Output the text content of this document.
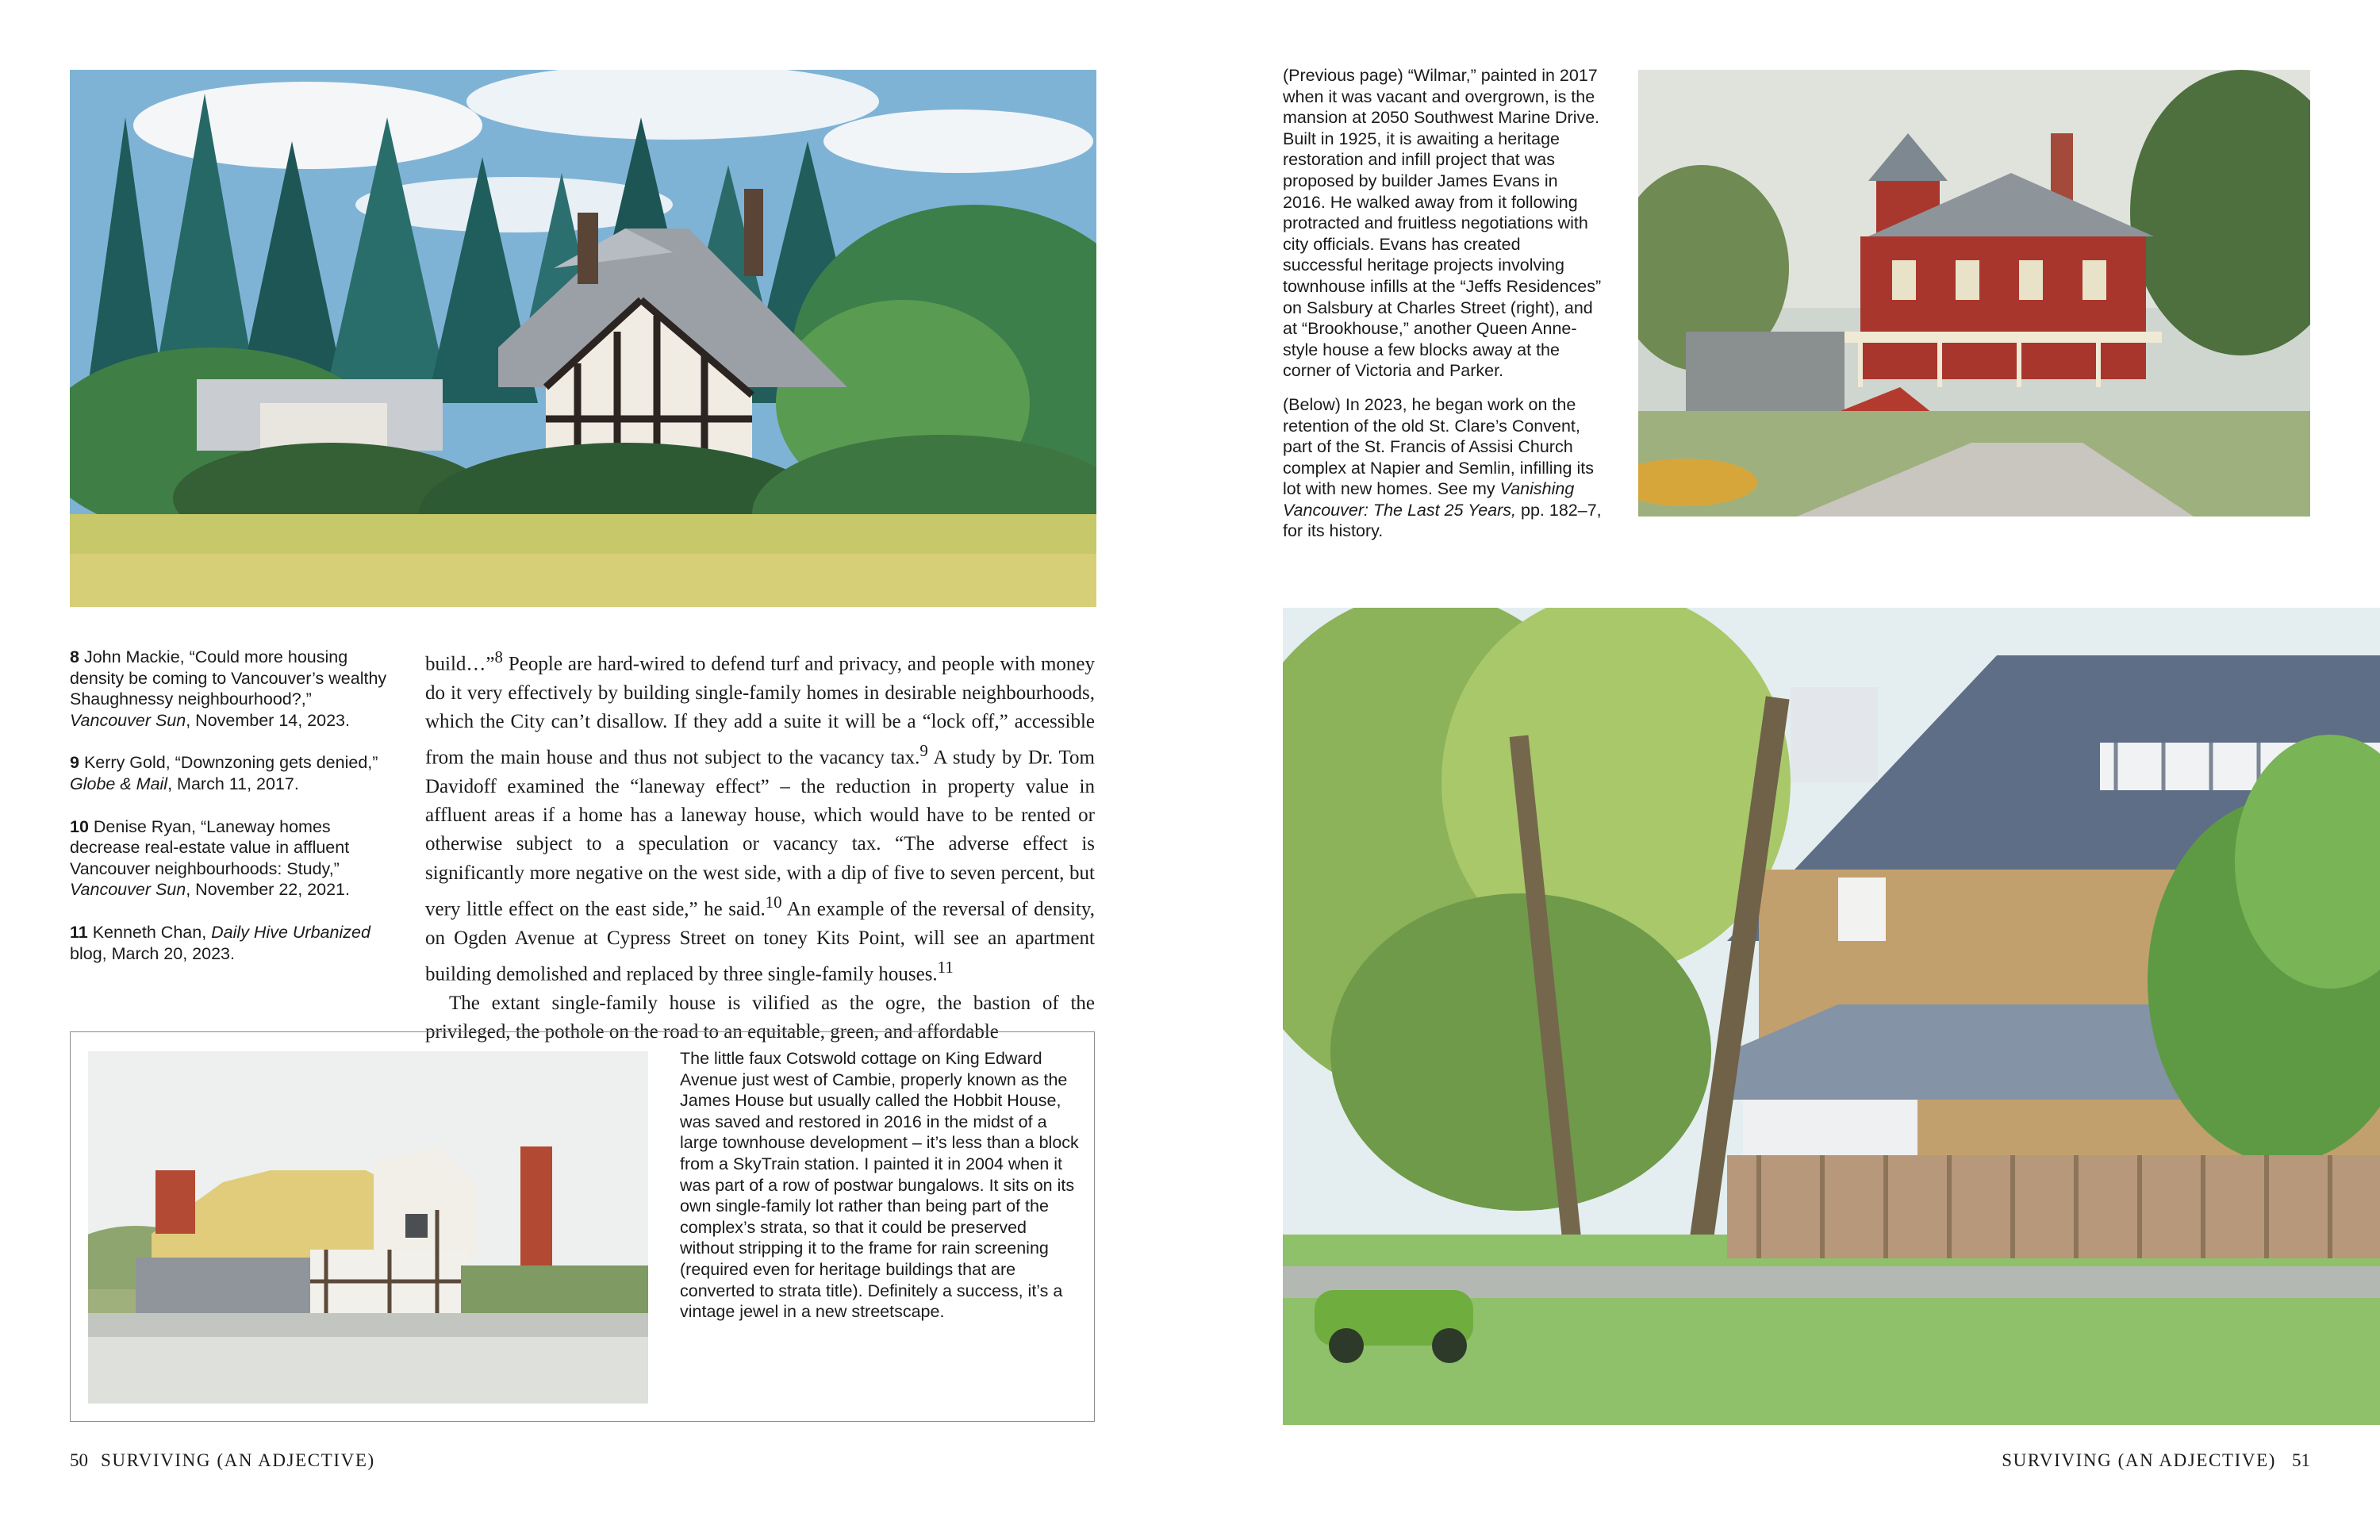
8 John Mackie, “Could more housing density be coming to Vancouver’s wealthy Shaughnessy neighbourhood?,” Vancouver Sun, November 14, 2023.

9 Kerry Gold, “Downzoning gets denied,” Globe & Mail, March 11, 2017.

10 Denise Ryan, “Laneway homes decrease real-estate value in affluent Vancouver neighbourhoods: Study,” Vancouver Sun, November 22, 2021.

11 Kenneth Chan, Daily Hive Urbanized blog, March 20, 2023.

build…”$^8$ People are hard-wired to defend turf and privacy, and people with money do it very effectively by building single-family homes in desirable neighbourhoods, which the City can’t disallow. If they add a suite it will be a “lock off,” accessible from the main house and thus not subject to the vacancy tax.$^9$ A study by Dr. Tom Davidoff examined the “laneway effect” – the reduction in property value in affluent areas if a home has a laneway house, which would have to be rented or otherwise subject to a speculation or vacancy tax. “The adverse effect is significantly more negative on the west side, with a dip of five to seven percent, but very little effect on the east side,” he said.$^{10}$ An example of the reversal of density, on Ogden Avenue at Cypress Street on toney Kits Point, will see an apartment building demolished and replaced by three single-family houses.$^{11}$

The extant single-family house is vilified as the ogre, the bastion of the privileged, the pothole on the road to an equitable, green, and affordable

The little faux Cotswold cottage on King Edward Avenue just west of Cambie, properly known as the James House but usually called the Hobbit House, was saved and restored in 2016 in the midst of a large townhouse development – it’s less than a block from a SkyTrain station. I painted it in 2004 when it was part of a row of postwar bungalows. It sits on its own single-family lot rather than being part of the complex’s strata, so that it could be preserved without stripping it to the frame for rain screening (required even for heritage buildings that are converted to strata title). Definitely a success, it’s a vintage jewel in a new streetscape.
50 SURVIVING (AN ADJECTIVE)

(Previous page) “Wilmar,” painted in 2017 when it was vacant and overgrown, is the mansion at 2050 Southwest Marine Drive. Built in 1925, it is awaiting a heritage restoration and infill project that was proposed by builder James Evans in 2016. He walked away from it following protracted and fruitless negotiations with city officials. Evans has created successful heritage projects involving townhouse infills at the “Jeffs Residences” on Salsbury at Charles Street (right), and at “Brookhouse,” another Queen Anne-style house a few blocks away at the corner of Victoria and Parker.

(Below) In 2023, he began work on the retention of the old St. Clare’s Convent, part of the St. Francis of Assisi Church complex at Napier and Semlin, infilling its lot with new homes. See my Vanishing Vancouver: The Last 25 Years, pp. 182–7, for its history.

SURVIVING (AN ADJECTIVE) 51
